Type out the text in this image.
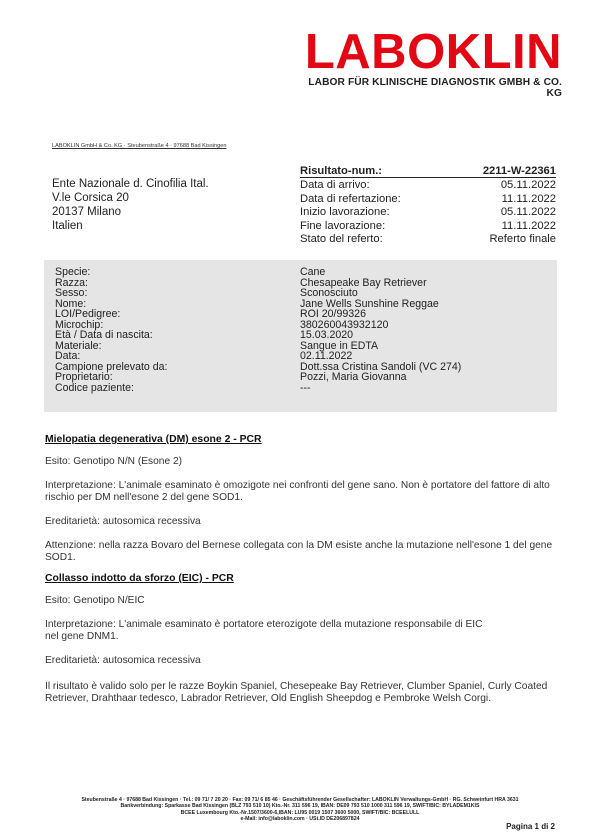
LABOKLIN
LABOR FÜR KLINISCHE DIAGNOSTIK GMBH & CO. KG
LABOKLIN GmbH & Co. KG · Steubenstraße 4 · 97688 Bad Kissingen
Ente Nazionale d. Cinofilia Ital.
V.le Corsica 20
20137 Milano
Italien
Risultato-num.:	2211-W-22361
Data di arrivo:	05.11.2022
Data di refertazione:	11.11.2022
Inizio lavorazione:	05.11.2022
Fine lavorazione:	11.11.2022
Stato del referto:	Referto finale
Specie:	Cane
Razza:	Chesapeake Bay Retriever
Sesso:	Sconosciuto
Nome:	Jane Wells Sunshine Reggae
LOI/Pedigree:	ROI 20/99326
Microchip:	380260043932120
Età / Data di nascita:	15.03.2020
Materiale:	Sangue in EDTA
Data:	02.11.2022
Campione prelevato da:	Dott.ssa Cristina Sandoli (VC 274)
Proprietario:	Pozzi, Maria Giovanna
Codice paziente:	---

Mielopatia degenerativa (DM) esone 2 - PCR

Esito: Genotipo N/N (Esone 2)

Interpretazione: L'animale esaminato è omozigote nei confronti del gene sano. Non è portatore del fattore di alto rischio per DM nell'esone 2 del gene SOD1.

Ereditarietà: autosomica recessiva

Attenzione: nella razza Bovaro del Bernese collegata con la DM esiste anche la mutazione nell'esone 1 del gene SOD1.

Collasso indotto da sforzo (EIC) - PCR

Esito: Genotipo N/EIC

Interpretazione: L'animale esaminato è portatore eterozigote della mutazione responsabile di EIC nel gene DNM1.

Ereditarietà: autosomica recessiva

Il risultato è valido solo per le razze Boykin Spaniel, Chesepeake Bay Retriever, Clumber Spaniel, Curly Coated Retriever, Drahthaar tedesco, Labrador Retriever, Old English Sheepdog e Pembroke Welsh Corgi.

Steubenstraße 4 · 97688 Bad Kissingen · Tel.: 09 71/ 7 20 20 · Fax: 09 71/ 6 85 46 · Geschäftsführender Gesellschafter: LABOKLIN Verwaltungs-GmbH · RG. Schweinfurt HRA 3631
Bankverbindung: Sparkasse Bad Kissingen (BLZ 793 510 10) Kto.-Nr. 311 596 19, IBAN: DE09 793 510 1000 311 596 19, SWIFT/BIC: BYLADEM1KIS
BCEE Luxembourg Kto.-Nr.1507/3600-6,IBAN: LU95 0019 1507 3600 5000, SWIFT/BIC: BCEELULL
e-Mail: info@laboklin.com · USt.ID DE206897824
Pagina 1 di 2
